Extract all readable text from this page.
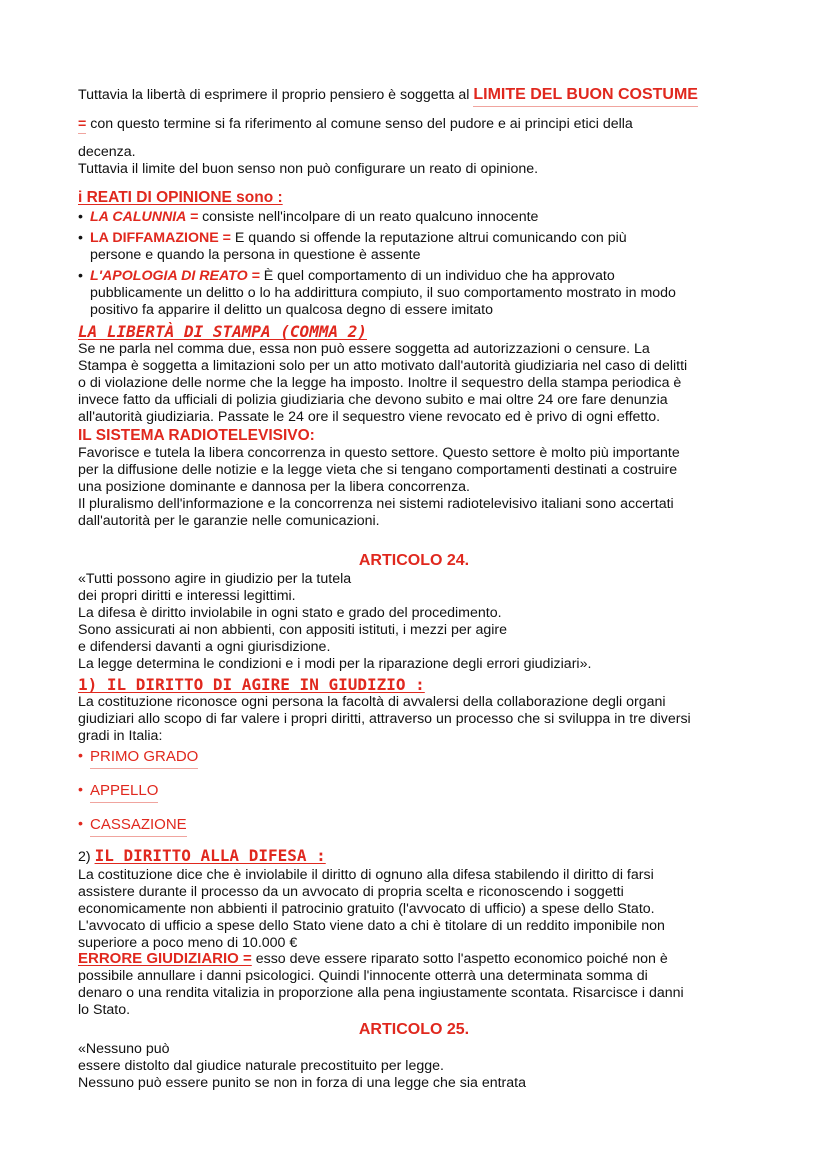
Tuttavia la libertà di esprimere il proprio pensiero è soggetta al LIMITE DEL BUON COSTUME
= con questo termine si fa riferimento al comune senso del pudore e ai principi etici della
decenza.
Tuttavia il limite del buon senso non può configurare un reato di opinione.
i REATI DI OPINIONE sono :
• LA CALUNNIA = consiste nell'incolpare di un reato qualcuno innocente
• LA DIFFAMAZIONE = E quando si offende la reputazione altrui comunicando con più
persone e quando la persona in questione è assente
• L'APOLOGIA DI REATO = È quel comportamento di un individuo che ha approvato
pubblicamente un delitto o lo ha addirittura compiuto, il suo comportamento mostrato in modo
positivo fa apparire il delitto un qualcosa degno di essere imitato
LA LIBERTÀ DI STAMPA (COMMA 2)
Se ne parla nel comma due, essa non può essere soggetta ad autorizzazioni o censure. La
Stampa è soggetta a limitazioni solo per un atto motivato dall'autorità giudiziaria nel caso di delitti
o di violazione delle norme che la legge ha imposto. Inoltre il sequestro della stampa periodica è
invece fatto da ufficiali di polizia giudiziaria che devono subito e mai oltre 24 ore fare denunzia
all'autorità giudiziaria. Passate le 24 ore il sequestro viene revocato ed è privo di ogni effetto.
IL SISTEMA RADIOTELEVISIVO:
Favorisce e tutela la libera concorrenza in questo settore. Questo settore è molto più importante
per la diffusione delle notizie e la legge vieta che si tengano comportamenti destinati a costruire
una posizione dominante e dannosa per la libera concorrenza.
Il pluralismo dell'informazione e la concorrenza nei sistemi radiotelevisivo italiani sono accertati
dall'autorità per le garanzie nelle comunicazioni.
ARTICOLO 24.
«Tutti possono agire in giudizio per la tutela
dei propri diritti e interessi legittimi.
La difesa è diritto inviolabile in ogni stato e grado del procedimento.
Sono assicurati ai non abbienti, con appositi istituti, i mezzi per agire
e difendersi davanti a ogni giurisdizione.
La legge determina le condizioni e i modi per la riparazione degli errori giudiziari».
1) IL DIRITTO DI AGIRE IN GIUDIZIO :
La costituzione riconosce ogni persona la facoltà di avvalersi della collaborazione degli organi
giudiziari allo scopo di far valere i propri diritti, attraverso un processo che si sviluppa in tre diversi
gradi in Italia:
• PRIMO GRADO
• APPELLO
• CASSAZIONE
2) IL DIRITTO ALLA DIFESA :
La costituzione dice che è inviolabile il diritto di ognuno alla difesa stabilendo il diritto di farsi
assistere durante il processo da un avvocato di propria scelta e riconoscendo i soggetti
economicamente non abbienti il patrocinio gratuito (l'avvocato di ufficio) a spese dello Stato.
L'avvocato di ufficio a spese dello Stato viene dato a chi è titolare di un reddito imponibile non
superiore a poco meno di 10.000 €
ERRORE GIUDIZIARIO = esso deve essere riparato sotto l'aspetto economico poiché non è
possibile annullare i danni psicologici. Quindi l'innocente otterrà una determinata somma di
denaro o una rendita vitalizia in proporzione alla pena ingiustamente scontata. Risarcisce i danni
lo Stato.
ARTICOLO 25.
«Nessuno può
essere distolto dal giudice naturale precostituito per legge.
Nessuno può essere punito se non in forza di una legge che sia entrata
